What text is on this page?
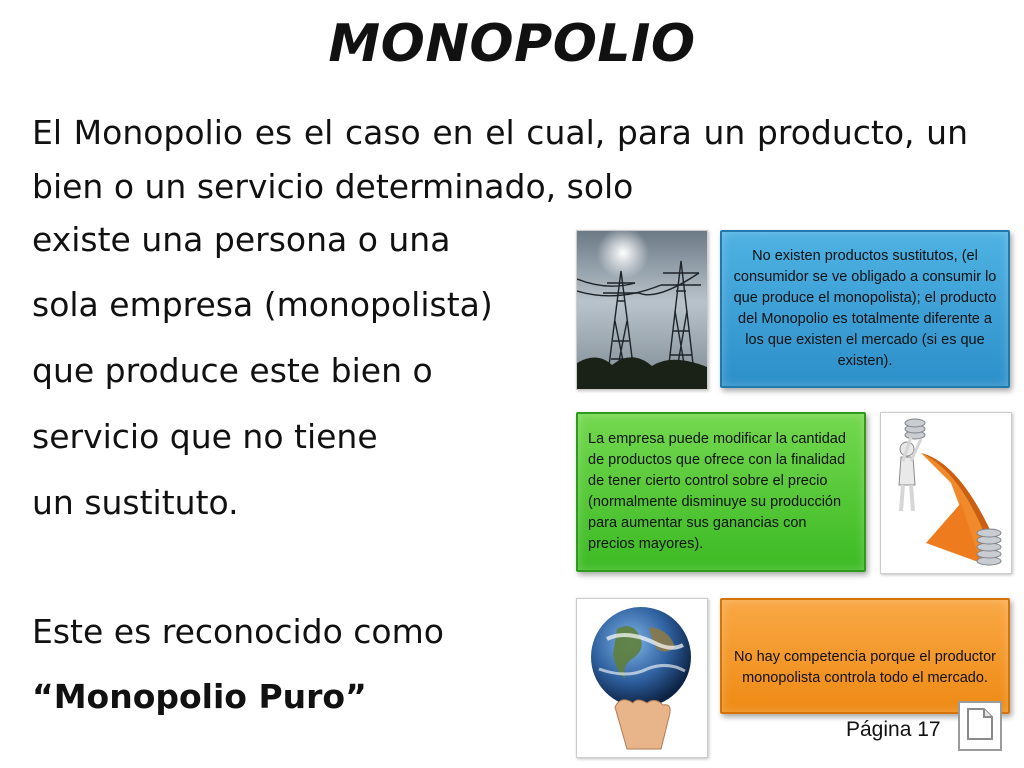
MONOPOLIO

El Monopolio es el caso en el cual, para un producto, un bien o un servicio determinado, solo

existe una persona o una
sola empresa (monopolista)
que produce este bien o
servicio que no tiene
un sustituto.
Este es reconocido como
“Monopolio Puro”
No existen productos sustitutos, (el consumidor se ve obligado a consumir lo que produce el monopolista); el producto del Monopolio es totalmente diferente a los que existen el mercado (si es que existen).
La empresa puede modificar la cantidad de productos que ofrece con la finalidad de tener cierto control sobre el precio (normalmente disminuye su producción para aumentar sus ganancias con precios mayores).
No hay competencia porque el productor monopolista controla todo el mercado.
Página 17
